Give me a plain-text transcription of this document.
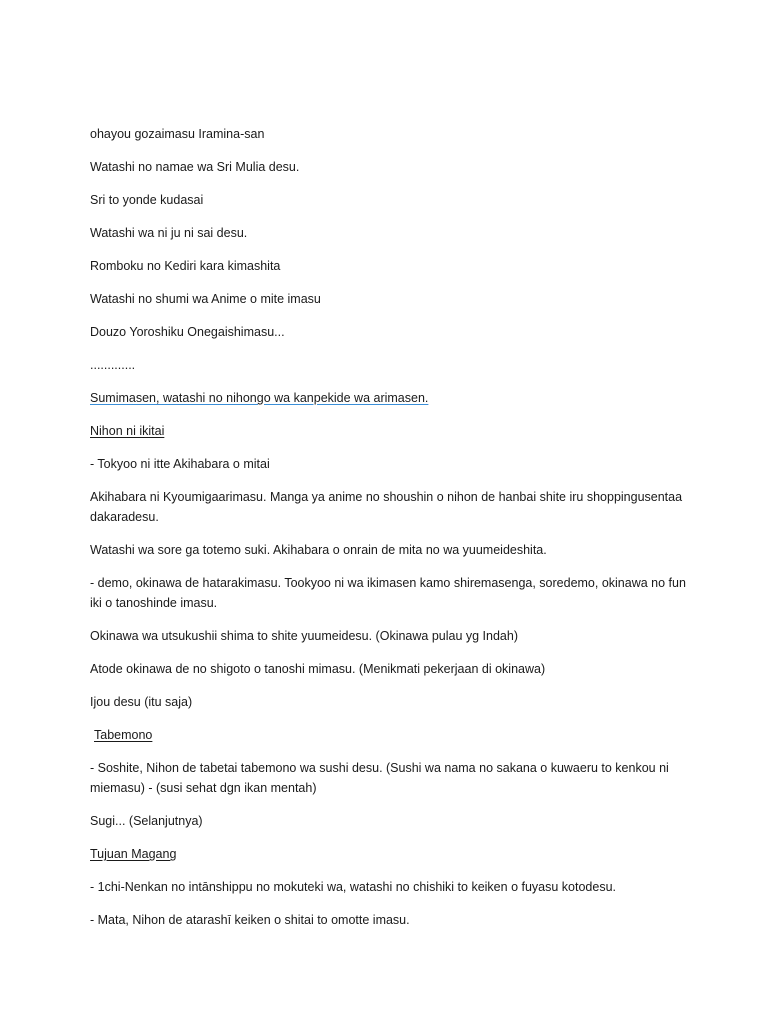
ohayou gozaimasu Iramina-san

Watashi no namae wa Sri Mulia desu.

Sri to yonde kudasai

Watashi wa ni ju ni sai desu.

Romboku no Kediri kara kimashita

Watashi no shumi wa Anime o mite imasu

Douzo Yoroshiku Onegaishimasu...

.............

Sumimasen, watashi no nihongo wa kanpekide wa arimasen.

Nihon ni ikitai

- Tokyoo ni itte Akihabara o mitai

Akihabara ni Kyoumigaarimasu. Manga ya anime no shoushin o nihon de hanbai shite iru shoppingusentaa dakaradesu.

Watashi wa sore ga totemo suki. Akihabara o onrain de mita no wa yuumeideshita.

- demo, okinawa de hatarakimasu. Tookyoo ni wa ikimasen kamo shiremasenga, soredemo, okinawa no fun iki o tanoshinde imasu.

Okinawa wa utsukushii shima to shite yuumeidesu. (Okinawa pulau yg Indah)

Atode okinawa de no shigoto o tanoshi mimasu. (Menikmati pekerjaan di okinawa)

Ijou desu (itu saja)

Tabemono

- Soshite, Nihon de tabetai tabemono wa sushi desu. (Sushi wa nama no sakana o kuwaeru to kenkou ni miemasu) - (susi sehat dgn ikan mentah)

Sugi... (Selanjutnya)

Tujuan Magang

- 1chi-Nenkan no intānshippu no mokuteki wa, watashi no chishiki to keiken o fuyasu kotodesu.

- Mata, Nihon de atarashī keiken o shitai to omotte imasu.
